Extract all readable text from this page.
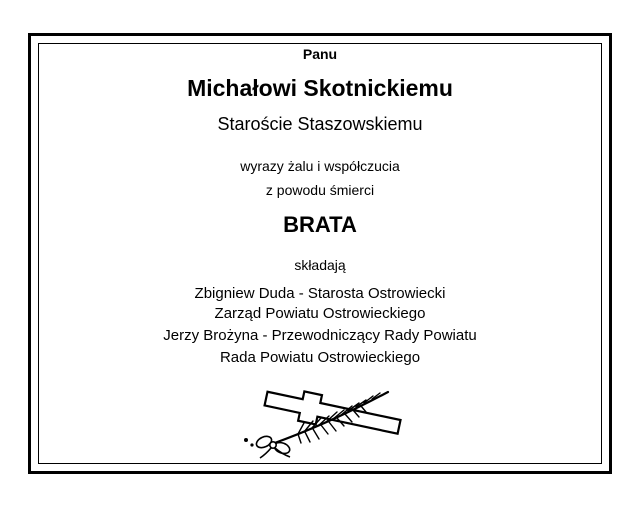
Panu
Michałowi Skotnickiemu
Staroście Staszowskiemu
wyrazy żalu i współczucia
z powodu śmierci
BRATA
składają
Zbigniew Duda - Starosta Ostrowiecki
Zarząd Powiatu Ostrowieckiego
Jerzy Brożyna - Przewodniczący Rady Powiatu
Rada Powiatu Ostrowieckiego
